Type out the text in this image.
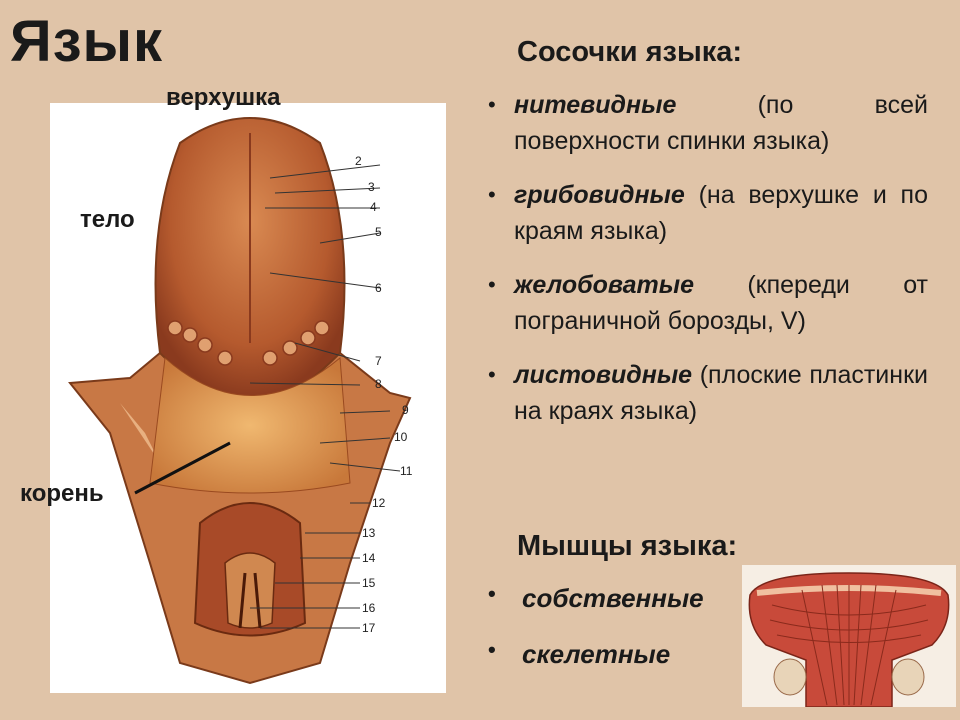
Язык
2
3
4
5
6
7
8
9
10
11
12
13
14
15
16
17
верхушка
тело
корень
Сосочки языка:
• нитевидные (по всей поверхности спинки языка)
• грибовидные (на верхушке и по краям языка)
• желобоватые (кпереди от пограничной борозды, V)
• листовидные (плоские пластинки на краях языка)
Мышцы языка:
• собственные
• скелетные
